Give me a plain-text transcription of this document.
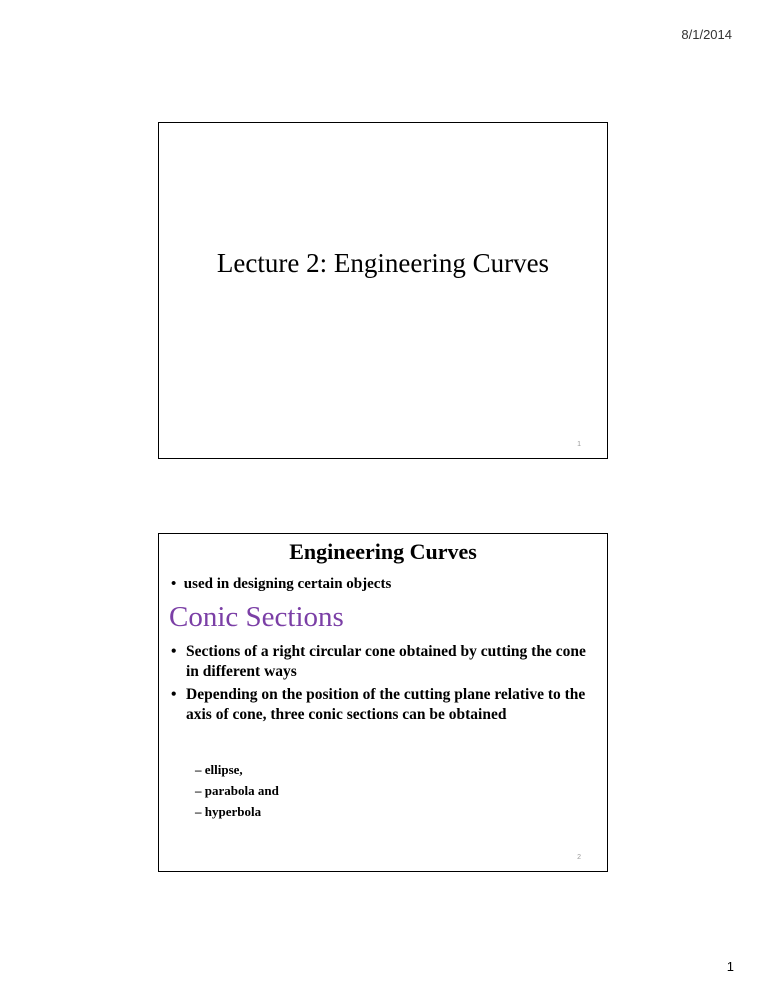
8/1/2014
Lecture 2: Engineering Curves
1
Engineering Curves
• used in designing certain objects
Conic Sections
• Sections of a right circular cone obtained by cutting the cone in different ways
• Depending on the position of the cutting plane relative to the axis of cone, three conic sections can be obtained
– ellipse,
– parabola and
– hyperbola
2
1
